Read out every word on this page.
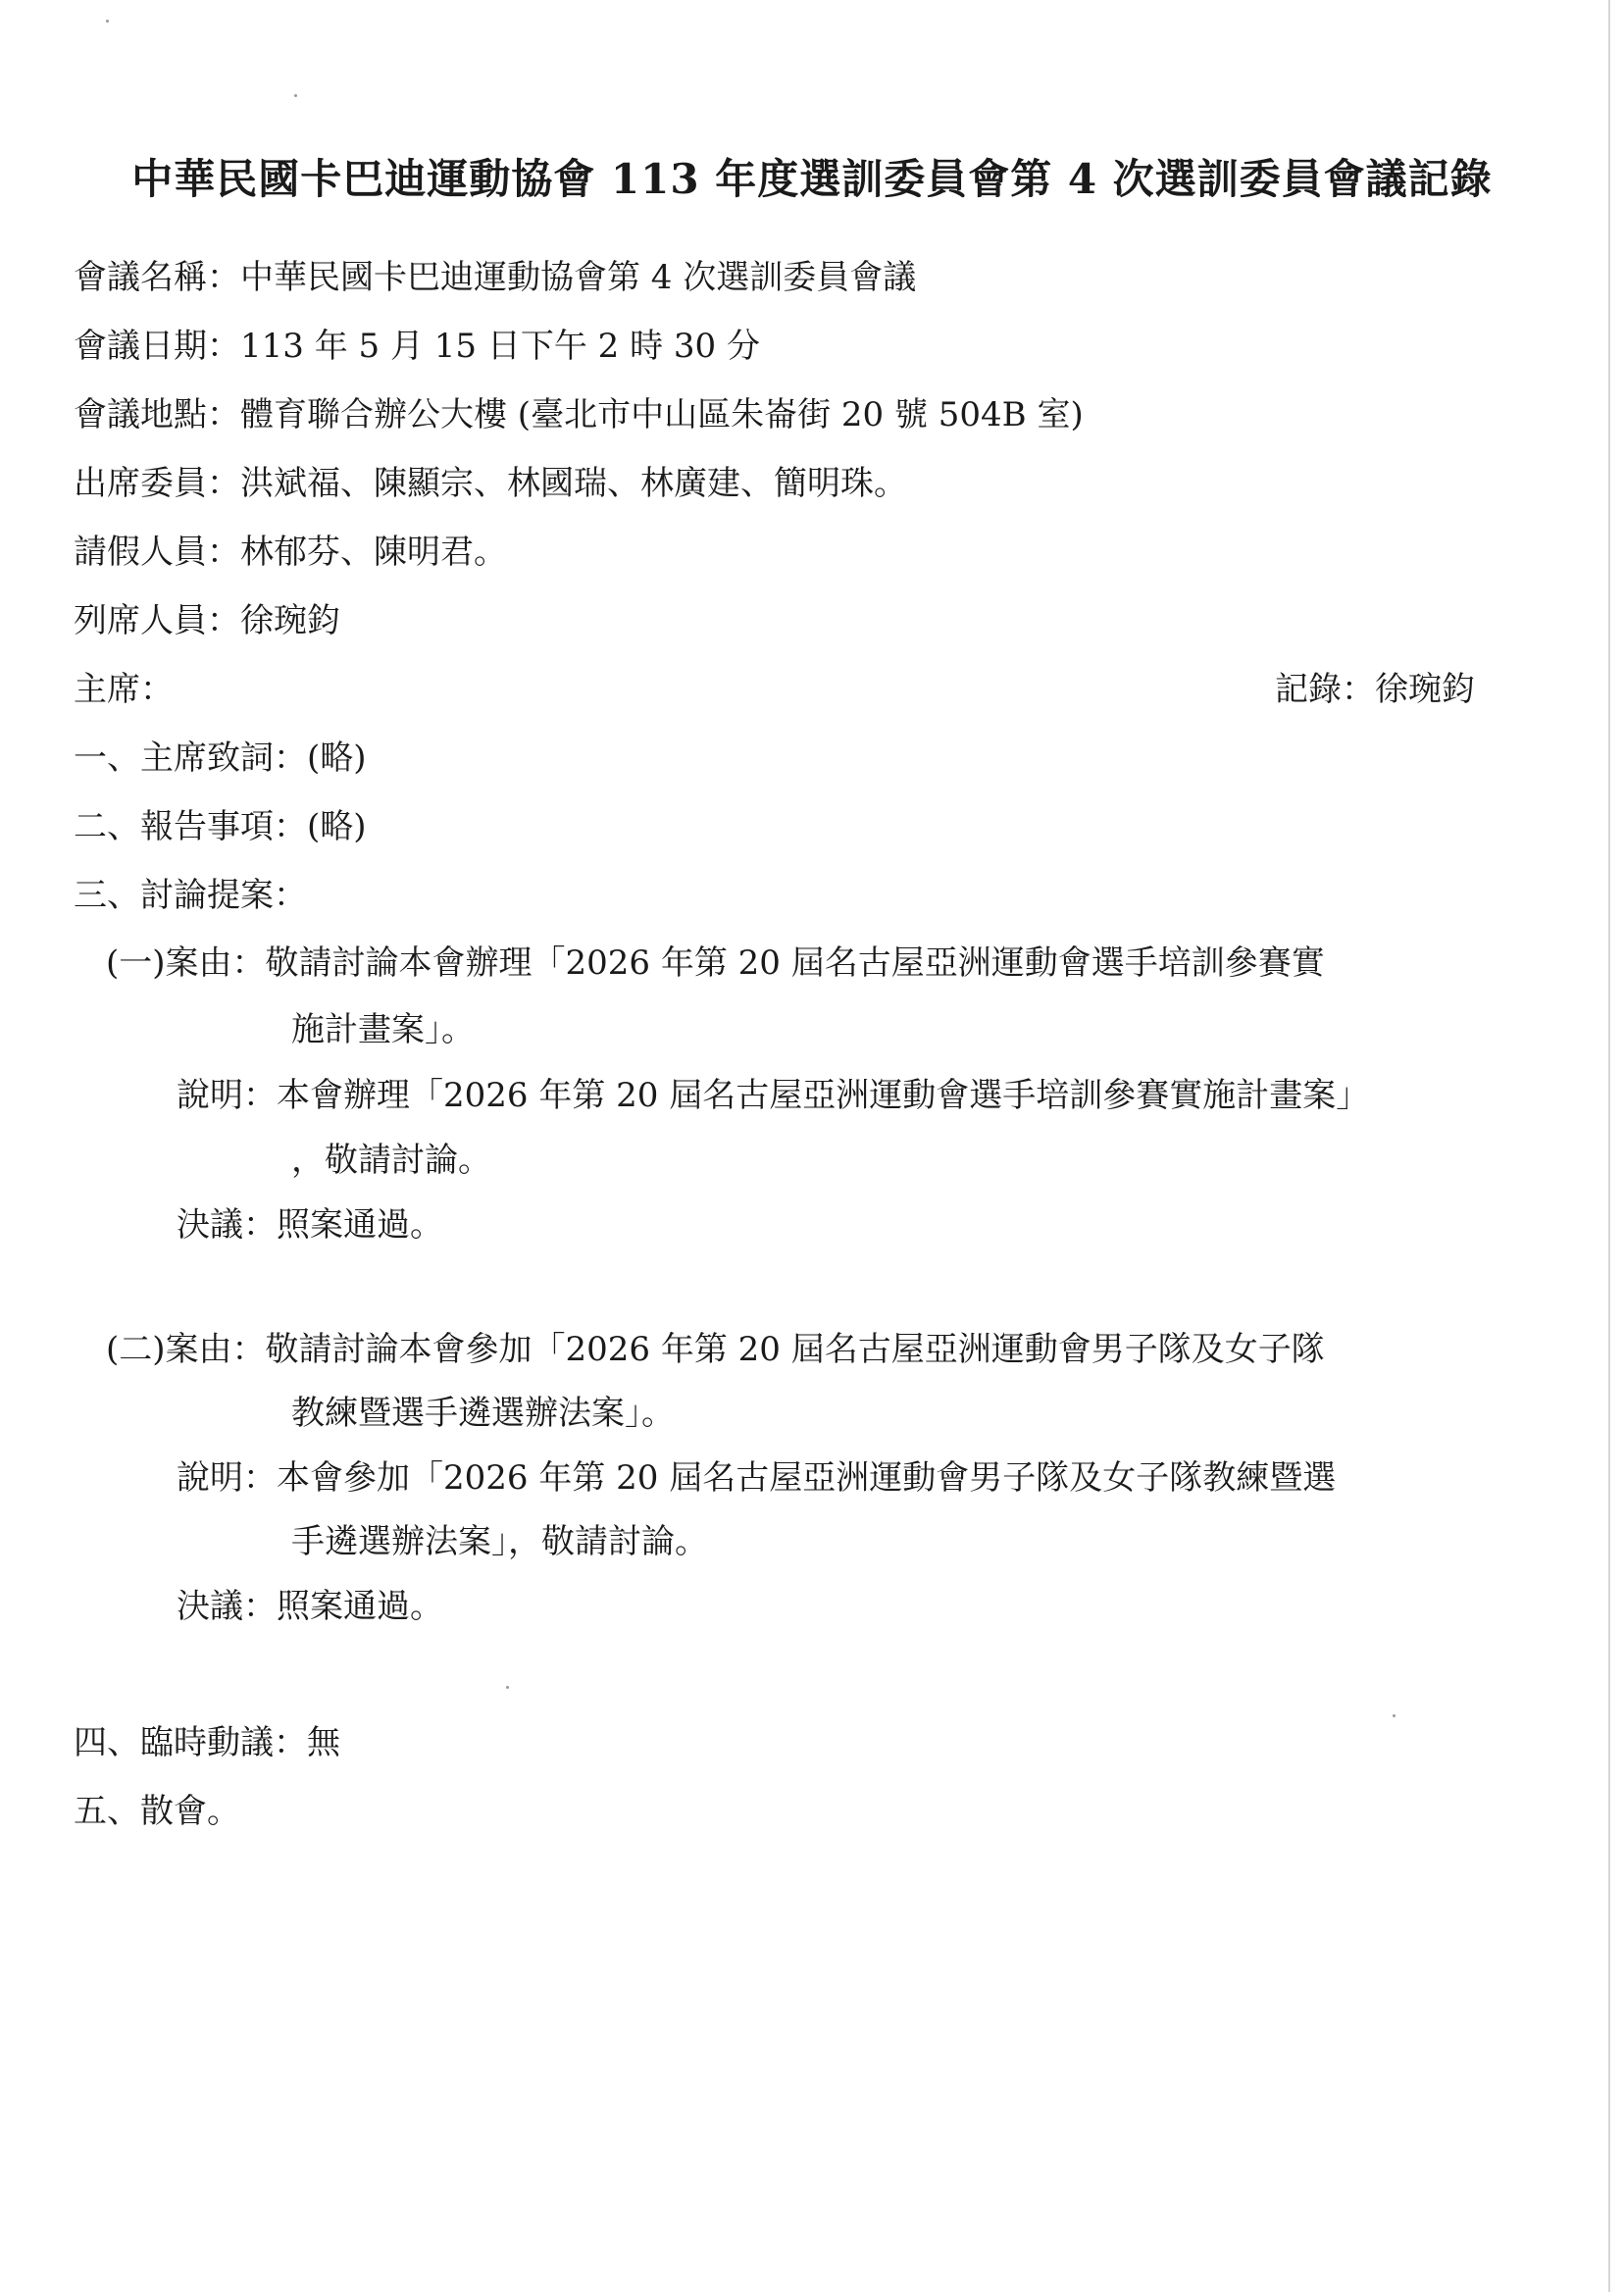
中華民國卡巴迪運動協會 113 年度選訓委員會第 4 次選訓委員會議記錄
會議名稱：中華民國卡巴迪運動協會第 4 次選訓委員會議
會議日期：113 年 5 月 15 日下午 2 時 30 分
會議地點：體育聯合辦公大樓 (臺北市中山區朱崙街 20 號 504B 室)
出席委員：洪斌福、陳顯宗、林國瑞、林廣建、簡明珠。
請假人員：林郁芬、陳明君。
列席人員：徐琬鈞
主席：	記錄：徐琬鈞
一、主席致詞：(略)
二、報告事項：(略)
三、討論提案：
(一)案由：敬請討論本會辦理「2026 年第 20 屆名古屋亞洲運動會選手培訓參賽實
施計畫案」。
說明：本會辦理「2026 年第 20 屆名古屋亞洲運動會選手培訓參賽實施計畫案」
，敬請討論。
決議：照案通過。
(二)案由：敬請討論本會參加「2026 年第 20 屆名古屋亞洲運動會男子隊及女子隊
教練暨選手遴選辦法案」。
說明：本會參加「2026 年第 20 屆名古屋亞洲運動會男子隊及女子隊教練暨選
手遴選辦法案」，敬請討論。
決議：照案通過。
四、臨時動議：無
五、散會。
